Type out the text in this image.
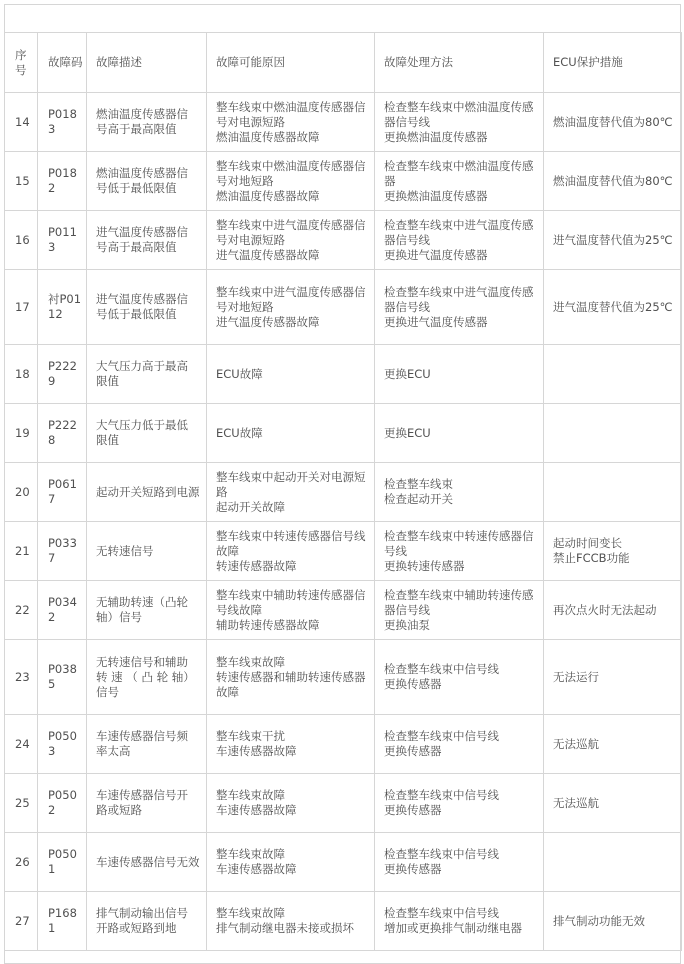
序号	故障码	故障描述	故障可能原因	故障处理方法	ECU保护措施
14	P0183	燃油温度传感器信
号高于最高限值	整车线束中燃油温度传感器信号对电源短路
燃油温度传感器故障	检查整车线束中燃油温度传感器信号线
更换燃油温度传感器	燃油温度替代值为80℃

15	P0182	燃油温度传感器信
号低于最低限值	整车线束中燃油温度传感器信号对地短路
燃油温度传感器故障	检查整车线束中燃油温度传感器
更换燃油温度传感器	燃油温度替代值为80℃

16	P0113	进气温度传感器信
号高于最高限值	整车线束中进气温度传感器信号对电源短路
进气温度传感器故障	检查整车线束中进气温度传感器信号线
更换进气温度传感器	进气温度替代值为25℃

17	衬P0112	进气温度传感器信
号低于最低限值	整车线束中进气温度传感器信号对地短路
进气温度传感器故障	检查整车线束中进气温度传感器信号线
更换进气温度传感器	进气温度替代值为25℃

18	P2229	大气压力高于最高
限值	ECU故障	更换ECU	

19	P2228	大气压力低于最低
限值	ECU故障	更换ECU	

20	P0617	起动开关短路到电源	整车线束中起动开关对电源短路
起动开关故障	检查整车线束
检查起动开关	

21	P0337	无转速信号	整车线束中转速传感器信号线故障
转速传感器故障	检查整车线束中转速传感器信号线
更换转速传感器	起动时间变长
禁止FCCB功能

22	P0342	无辅助转速（凸轮
轴）信号	整车线束中辅助转速传感器信号线故障
辅助转速传感器故障	检查整车线束中辅助转速传感器信号线
更换油泵	再次点火时无法起动

23	P0385	无转速信号和辅助
转 速 （ 凸 轮 轴）信号	整车线束故障
转速传感器和辅助转速传感器故障	检查整车线束中信号线
更换传感器	无法运行

24	P0503	车速传感器信号频
率太高	整车线束干扰
车速传感器故障	检查整车线束中信号线
更换传感器	无法巡航

25	P0502	车速传感器信号开
路或短路	整车线束故障
车速传感器故障	检查整车线束中信号线
更换传感器	无法巡航

26	P0501	车速传感器信号无效	整车线束故障
车速传感器故障	检查整车线束中信号线
更换传感器	

27	P1681	排气制动输出信号
开路或短路到地	整车线束故障
排气制动继电器未接或损坏	检查整车线束中信号线
增加或更换排气制动继电器	排气制动功能无效
